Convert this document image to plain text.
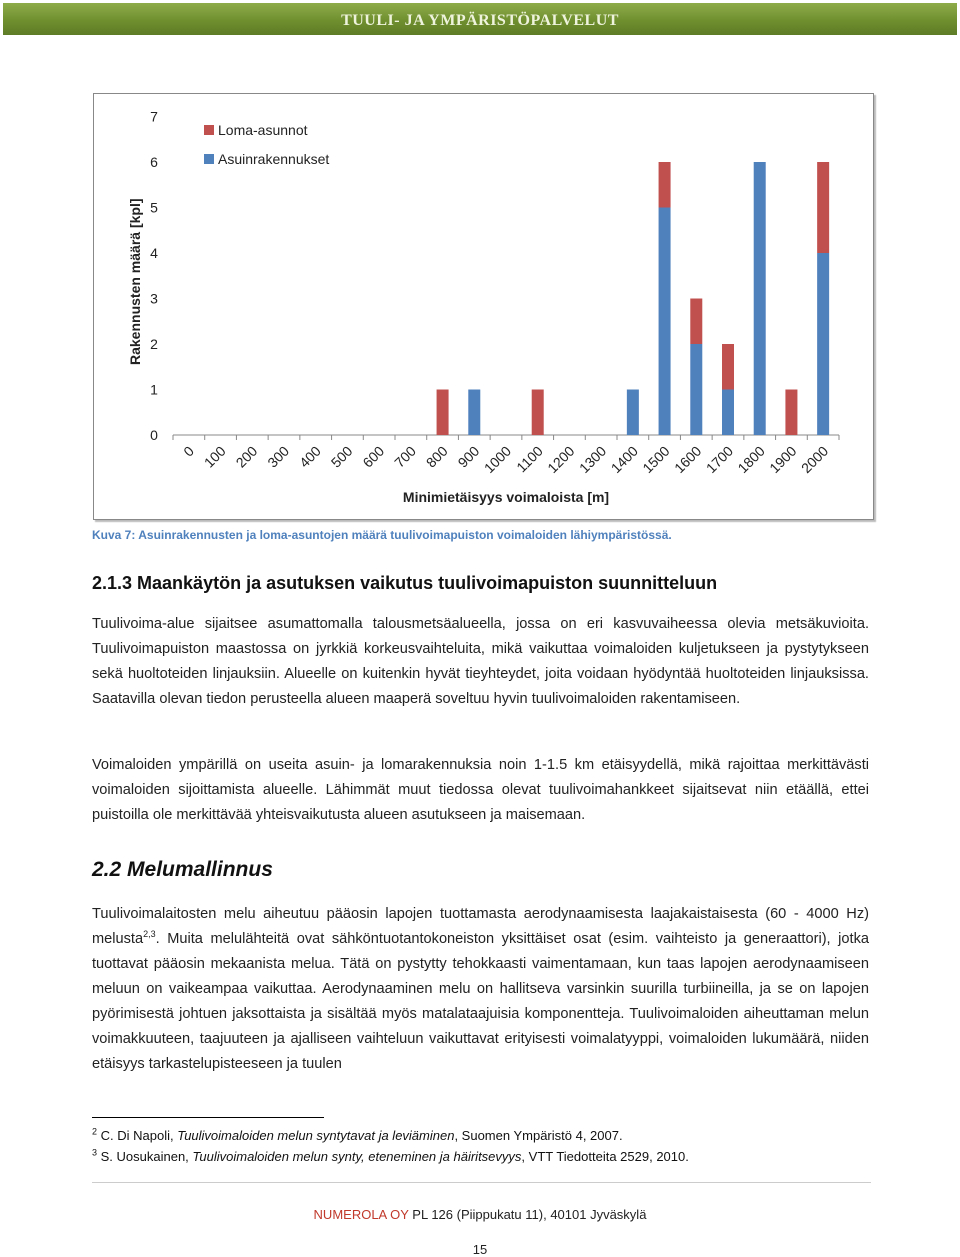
TUULI- JA YMPÄRISTÖPALVELUT
0
1
2
3
4
5
6
7
0 100 200 300 400 500 600 700 800 900
1000 1100
1200
1300
1400
1500
1600
1700
1800
1900
2000
Rakennusten määrä [kpl]
Minimietäisyys voimaloista [m]
Loma-asunnot
Asuinrakennukset
Kuva 7: Asuinrakennusten ja loma-asuntojen määrä tuulivoimapuiston voimaloiden lähiympäristössä.
2.1.3 Maankäytön ja asutuksen vaikutus tuulivoimapuiston suunnitteluun

Tuulivoima-alue sijaitsee asumattomalla talousmetsäalueella, jossa on eri kasvuvaiheessa olevia metsäkuvioita. Tuulivoimapuiston maastossa on jyrkkiä korkeusvaihteluita, mikä vaikuttaa voimaloiden kuljetukseen ja pystytykseen sekä huoltoteiden linjauksiin. Alueelle on kuitenkin hyvät tieyhteydet, joita voidaan hyödyntää huoltoteiden linjauksissa. Saatavilla olevan tiedon perusteella alueen maaperä soveltuu hyvin tuulivoimaloiden rakentamiseen.

Voimaloiden ympärillä on useita asuin- ja lomarakennuksia noin 1-1.5 km etäisyydellä, mikä rajoittaa merkittävästi voimaloiden sijoittamista alueelle. Lähimmät muut tiedossa olevat tuulivoimahankkeet sijaitsevat niin etäällä, ettei puistoilla ole merkittävää yhteisvaikutusta alueen asutukseen ja maisemaan.

2.2 Melumallinnus

Tuulivoimalaitosten melu aiheutuu pääosin lapojen tuottamasta aerodynaamisesta laajakaistaisesta (60 - 4000 Hz) melusta$^{2,3}$. Muita melulähteitä ovat sähköntuotantokoneiston yksittäiset osat (esim. vaihteisto ja generaattori), jotka tuottavat pääosin mekaanista melua. Tätä on pystytty tehokkaasti vaimentamaan, kun taas lapojen aerodynaamiseen meluun on vaikeampaa vaikuttaa. Aerodynaaminen melu on hallitseva varsinkin suurilla turbiineilla, ja se on lapojen pyörimisestä johtuen jaksottaista ja sisältää myös matalataajuisia komponentteja. Tuulivoimaloiden aiheuttaman melun voimakkuuteen, taajuuteen ja ajalliseen vaihteluun vaikuttavat erityisesti voimalatyyppi, voimaloiden lukumäärä, niiden etäisyys tarkastelupisteeseen ja tuulen

$^2$ C. Di Napoli, Tuulivoimaloiden melun syntytavat ja leviäminen, Suomen Ympäristö 4, 2007.
$^3$ S. Uosukainen, Tuulivoimaloiden melun synty, eteneminen ja häiritsevyys, VTT Tiedotteita 2529, 2010.
NUMEROLA OY PL 126 (Piippukatu 11), 40101 Jyväskylä
15
